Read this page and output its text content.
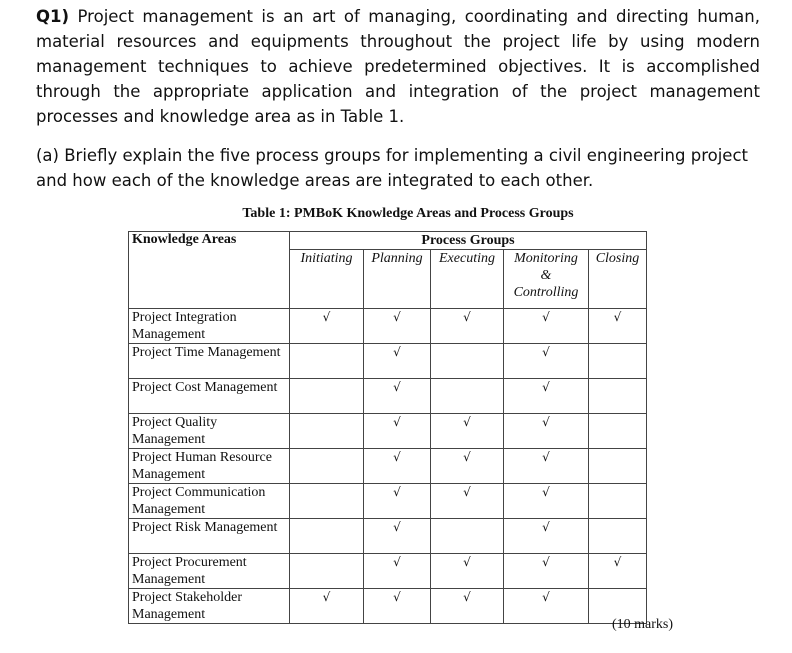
Q1) Project management is an art of managing, coordinating and directing human, material resources and equipments throughout the project life by using modern management techniques to achieve predetermined objectives. It is accomplished through the appropriate application and integration of the project management processes and knowledge area as in Table 1.

(a) Briefly explain the five process groups for implementing a civil engineering project and how each of the knowledge areas are integrated to each other.

Table 1: PMBoK Knowledge Areas and Process Groups
Knowledge Areas	Process Groups				
	Initiating	Planning	Executing	Monitoring & Controlling	Closing
Project Integration Management	√	√	√	√	√
Project Time Management		√		√	
Project Cost Management		√		√	
Project Quality Management		√	√	√	
Project Human Resource Management		√	√	√	
Project Communication Management		√	√	√	
Project Risk Management		√		√	
Project Procurement Management		√	√	√	√
Project Stakeholder Management	√	√	√	√	
(10 marks)
